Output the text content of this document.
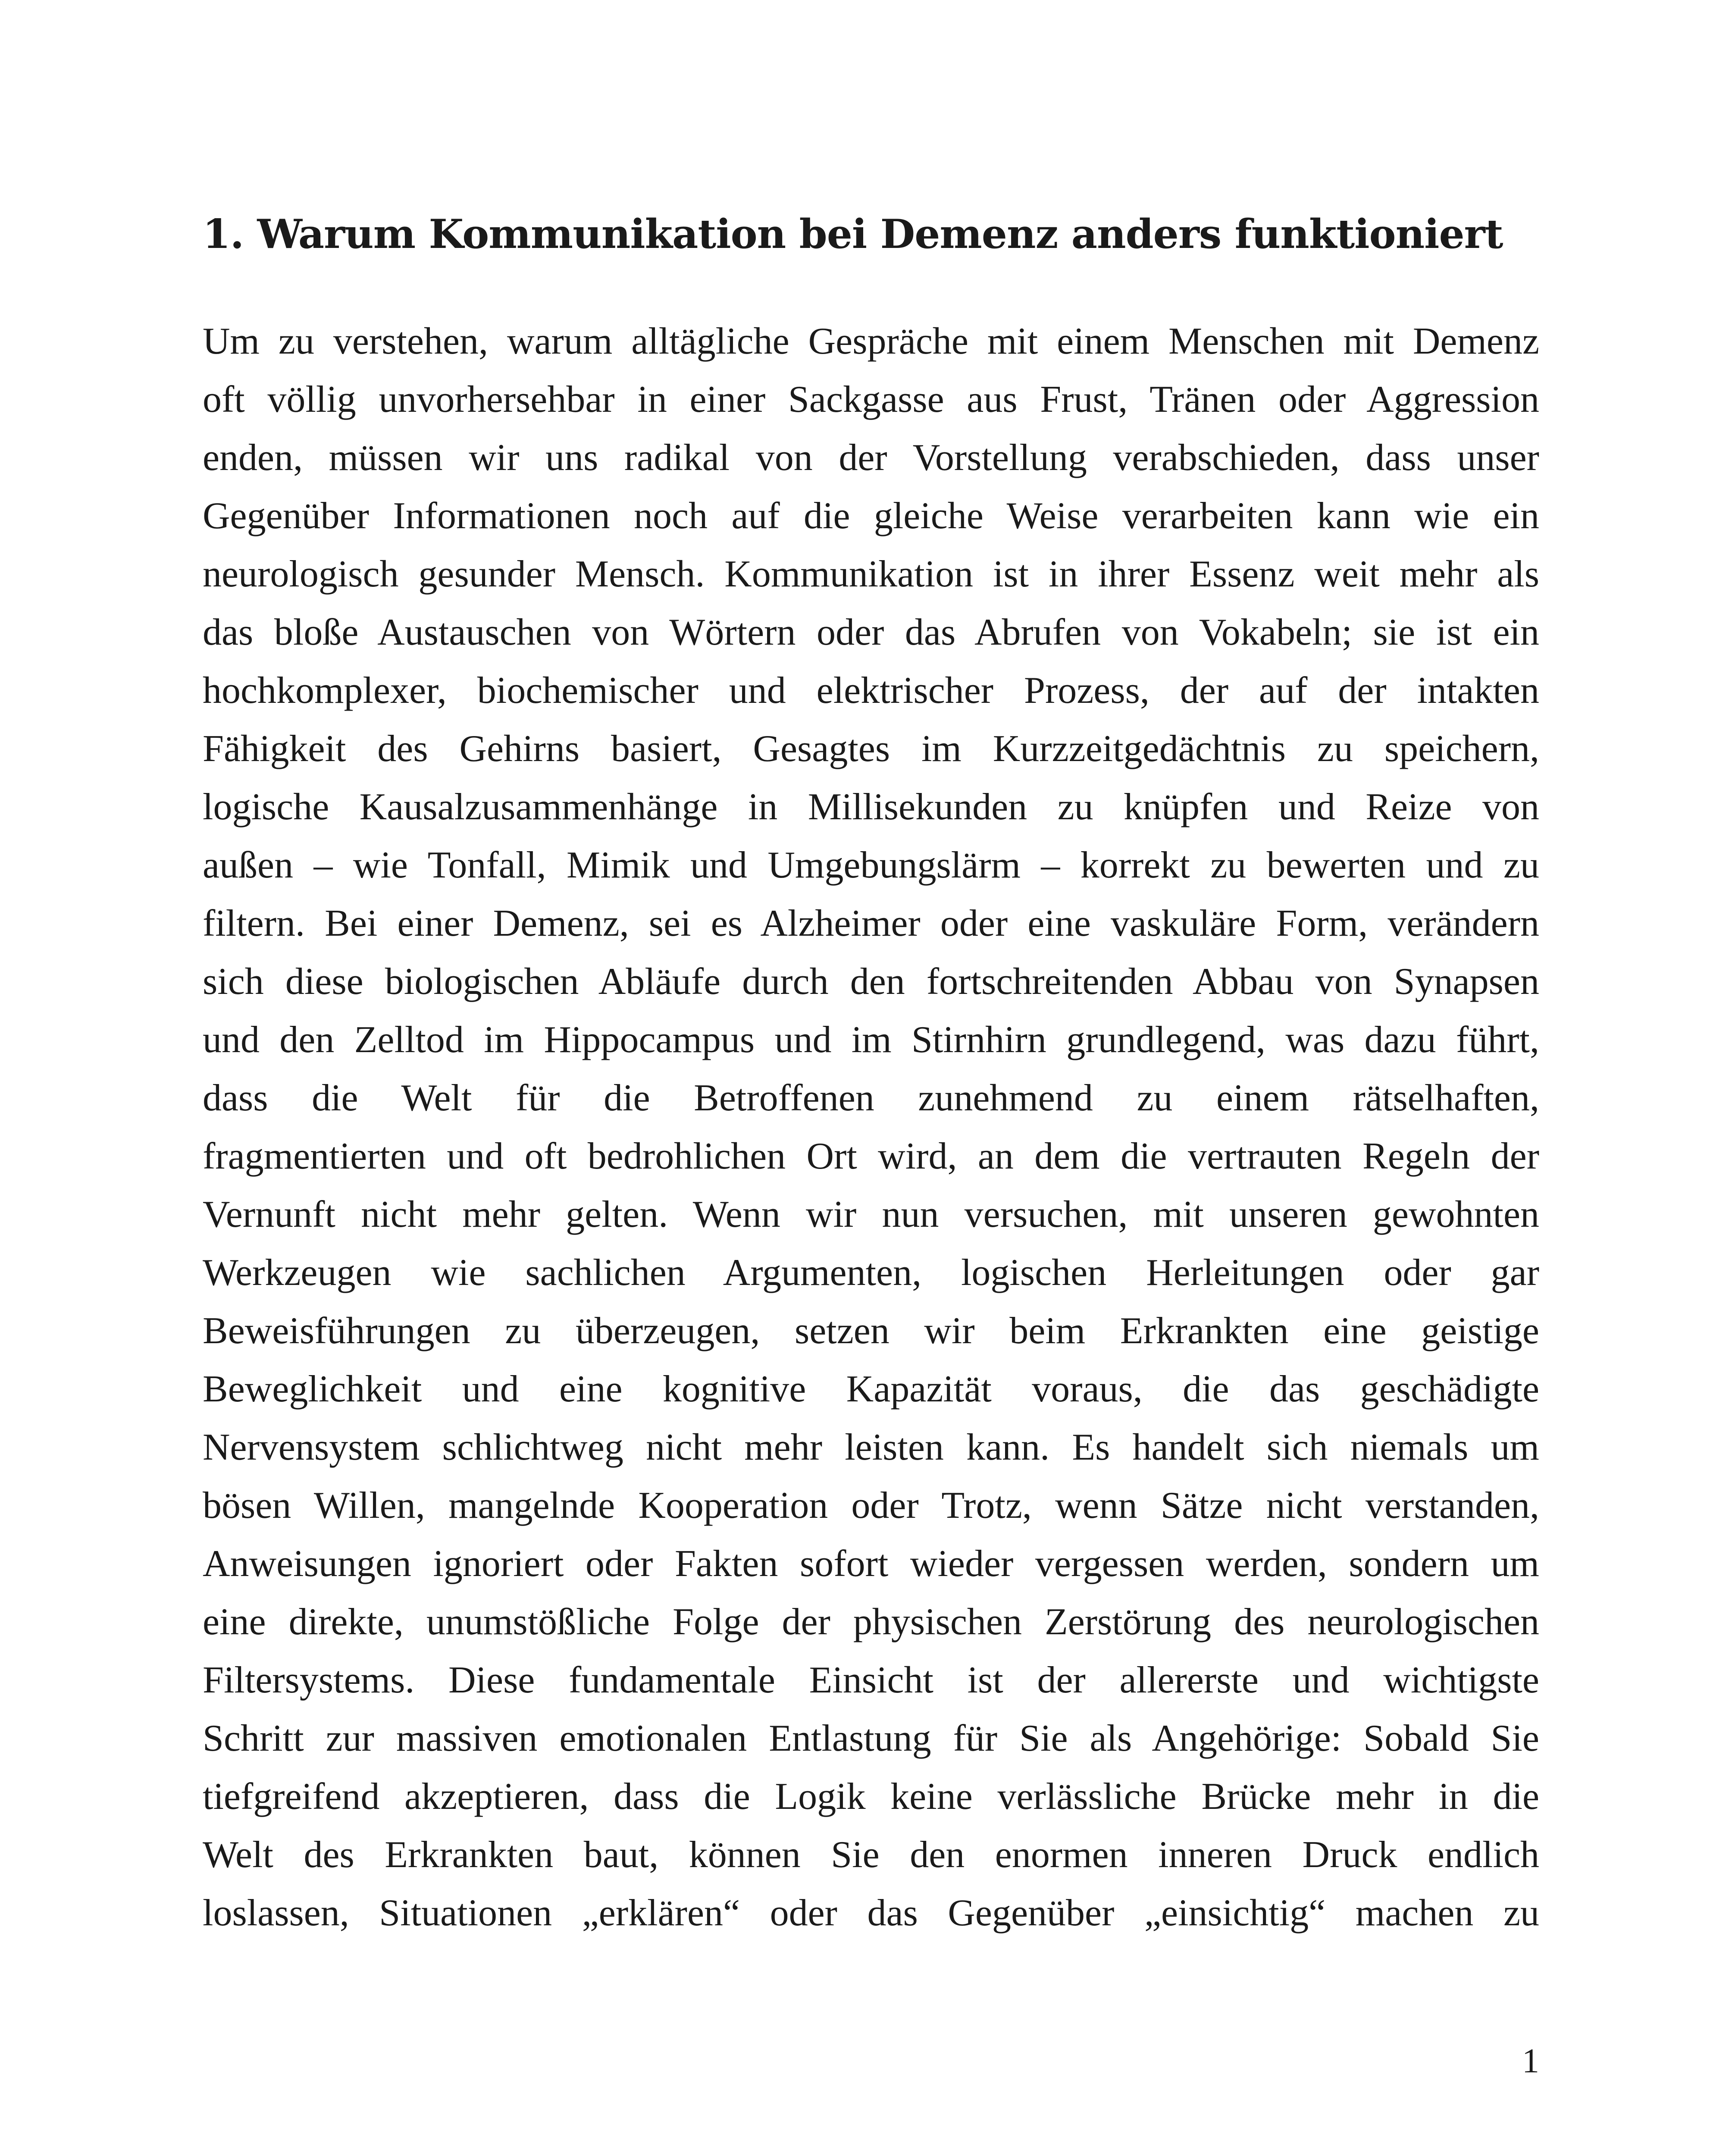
1. Warum Kommunikation bei Demenz anders funktioniert
Um zu verstehen, warum alltägliche Gespräche mit einem Menschen mit Demenz
oft völlig unvorhersehbar in einer Sackgasse aus Frust, Tränen oder Aggression
enden, müssen wir uns radikal von der Vorstellung verabschieden, dass unser
Gegenüber Informationen noch auf die gleiche Weise verarbeiten kann wie ein
neurologisch gesunder Mensch. Kommunikation ist in ihrer Essenz weit mehr als
das bloße Austauschen von Wörtern oder das Abrufen von Vokabeln; sie ist ein
hochkomplexer, biochemischer und elektrischer Prozess, der auf der intakten
Fähigkeit des Gehirns basiert, Gesagtes im Kurzzeitgedächtnis zu speichern,
logische Kausalzusammenhänge in Millisekunden zu knüpfen und Reize von
außen – wie Tonfall, Mimik und Umgebungslärm – korrekt zu bewerten und zu
filtern. Bei einer Demenz, sei es Alzheimer oder eine vaskuläre Form, verändern
sich diese biologischen Abläufe durch den fortschreitenden Abbau von Synapsen
und den Zelltod im Hippocampus und im Stirnhirn grundlegend, was dazu führt,
dass die Welt für die Betroffenen zunehmend zu einem rätselhaften,
fragmentierten und oft bedrohlichen Ort wird, an dem die vertrauten Regeln der
Vernunft nicht mehr gelten. Wenn wir nun versuchen, mit unseren gewohnten
Werkzeugen wie sachlichen Argumenten, logischen Herleitungen oder gar
Beweisführungen zu überzeugen, setzen wir beim Erkrankten eine geistige
Beweglichkeit und eine kognitive Kapazität voraus, die das geschädigte
Nervensystem schlichtweg nicht mehr leisten kann. Es handelt sich niemals um
bösen Willen, mangelnde Kooperation oder Trotz, wenn Sätze nicht verstanden,
Anweisungen ignoriert oder Fakten sofort wieder vergessen werden, sondern um
eine direkte, unumstößliche Folge der physischen Zerstörung des neurologischen
Filtersystems. Diese fundamentale Einsicht ist der allererste und wichtigste
Schritt zur massiven emotionalen Entlastung für Sie als Angehörige: Sobald Sie
tiefgreifend akzeptieren, dass die Logik keine verlässliche Brücke mehr in die
Welt des Erkrankten baut, können Sie den enormen inneren Druck endlich
loslassen, Situationen „erklären“ oder das Gegenüber „einsichtig“ machen zu
1
